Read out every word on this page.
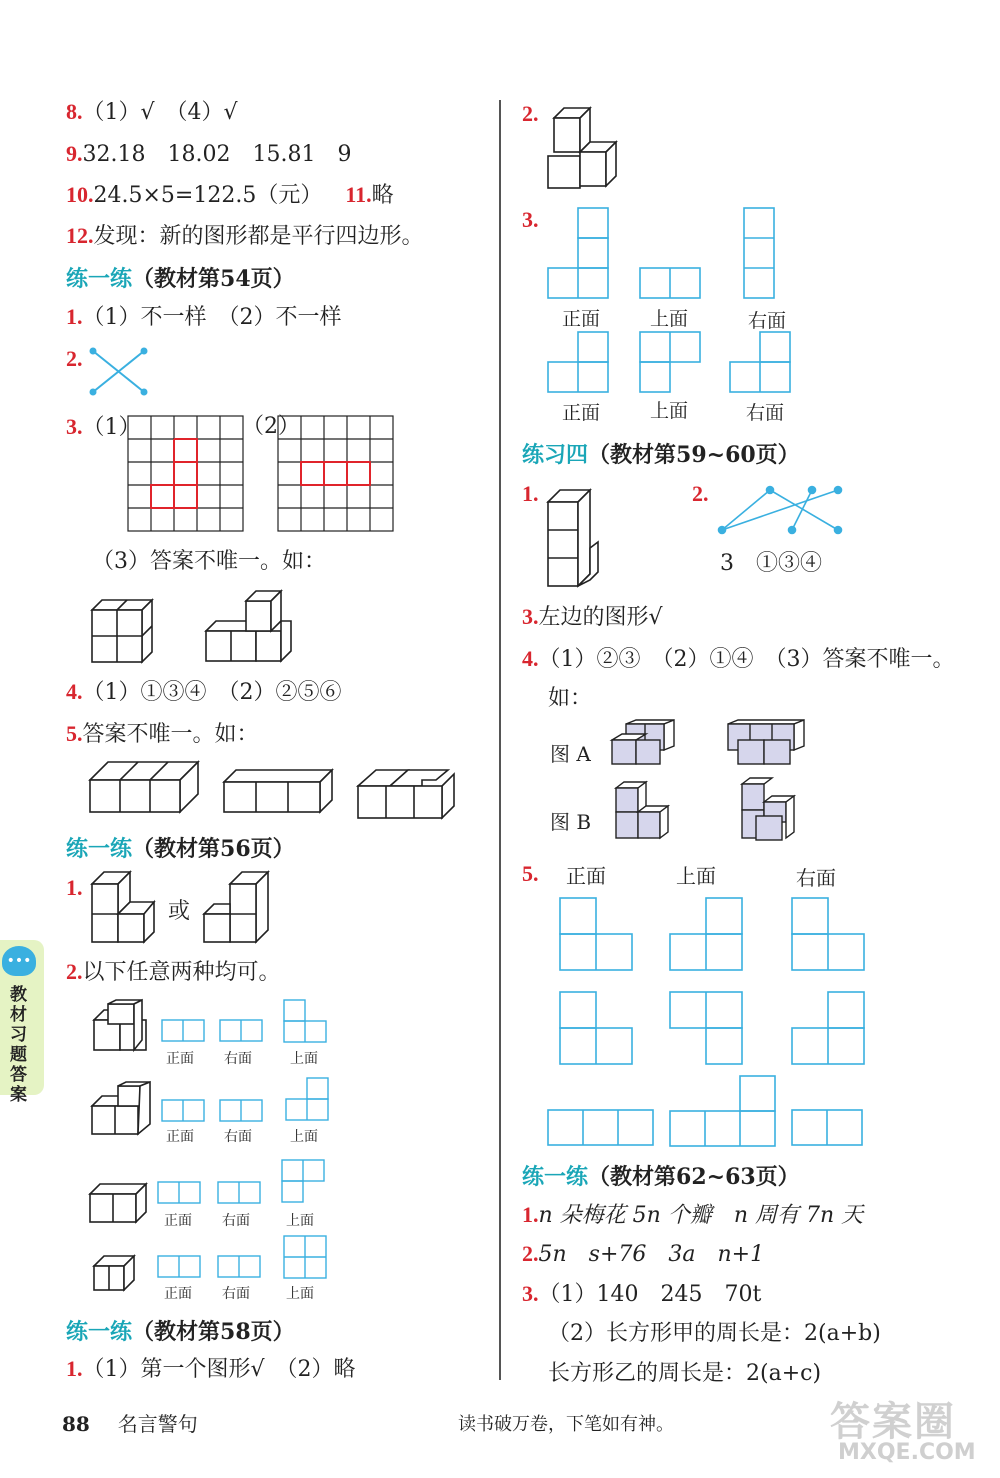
8.（1）√　（4）√
9.32.18　18.02　15.81　9
10.24.5×5=122.5（元） 11.略
12.发现：新的图形都是平行四边形。
练一练（教材第54页）
1.（1）不一样　（2）不一样
2.
3.（1）	（2）
（3）答案不唯一。如：
4.（1）①③④　（2）②⑤⑥
5.答案不唯一。如：
练一练（教材第56页）
1.
或
2.以下任意两种均可。
正面 右面	上面
正面 右面	上面
正面 右面	上面
正面 右面	上面
练一练（教材第58页）
1.（1）第一个图形√　（2）略
2.
3.
正面	上面	右面
正面	上面	右面
练习四（教材第59~60页）
1.	2.
3　①③④
3.左边的图形√
4.（1）②③　（2）①④　（3）答案不唯一。
如：
图 A
图 B
5. 正面	上面	右面
练一练（教材第62~63页）
1.n 朵梅花 5n 个瓣　n 周有 7n 天
2.5n　s+76　3a　n+1
3.（1）140　245　70t
（2）长方形甲的周长是：2(a+b)
长方形乙的周长是：2(a+c)
•••
教材习题答案
88 名言警句	读书破万卷，下笔如有神。	答案圈
MXQE.COM
